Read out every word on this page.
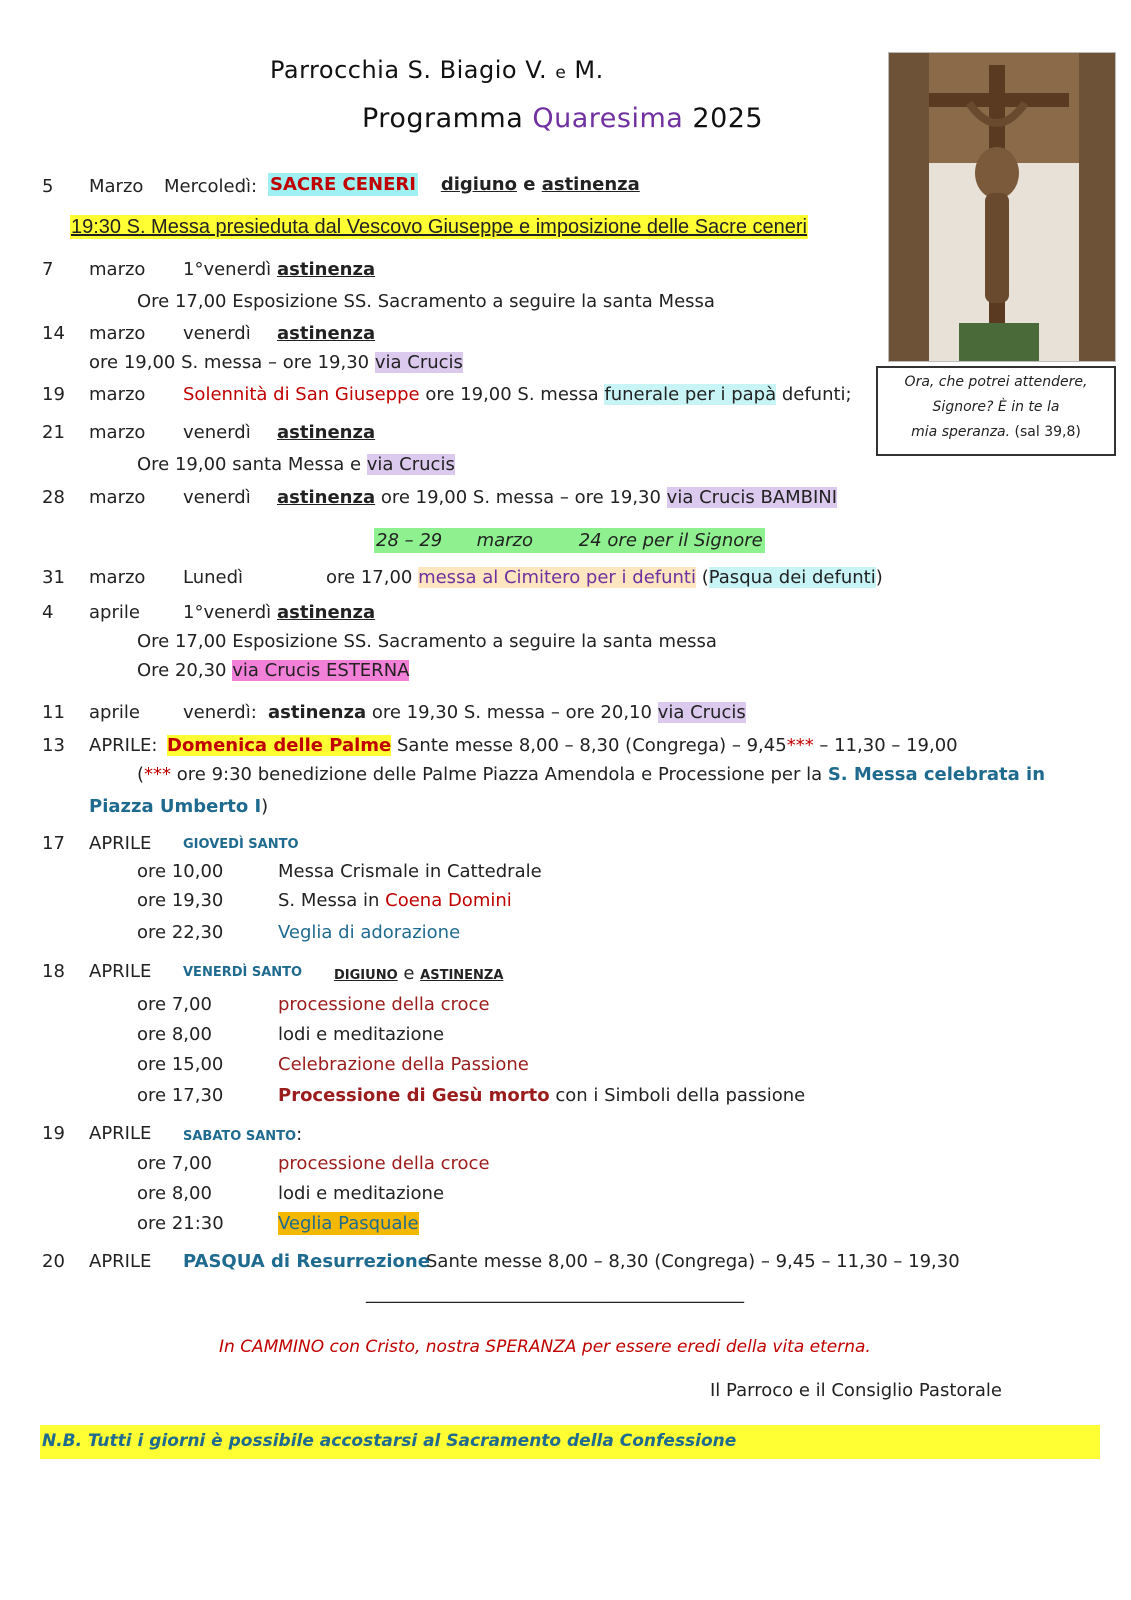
Parrocchia S. Biagio V. e M.
Programma Quaresima 2025
Ora, che potrei attendere,
Signore? È in te la
mia speranza. (sal 39,8)
5 Marzo Mercoledì: SACRE CENERI digiuno e astinenza
19:30 S. Messa presieduta dal Vescovo Giuseppe e imposizione delle Sacre ceneri
7 marzo 1°venerdì astinenza
Ore 17,00 Esposizione SS. Sacramento a seguire la santa Messa
14 marzo venerdì astinenza
ore 19,00 S. messa – ore 19,30 via Crucis
19 marzo Solennità di San Giuseppe ore 19,00 S. messa funerale per i papà defunti;
21 marzo venerdì astinenza
Ore 19,00 santa Messa e via Crucis
28 marzo venerdì astinenza ore 19,00 S. messa – ore 19,30 via Crucis BAMBINI
28 – 29      marzo        24 ore per il Signore
31 marzo Lunedì	ore 17,00 messa al Cimitero per i defunti (Pasqua dei defunti)
4 aprile 1°venerdì astinenza
Ore 17,00 Esposizione SS. Sacramento a seguire la santa messa
Ore 20,30 via Crucis ESTERNA
11 aprile venerdì: astinenza ore 19,30 S. messa – ore 20,10 via Crucis
13 APRILE: Domenica delle Palme Sante messe 8,00 – 8,30 (Congrega) – 9,45*** – 11,30 – 19,00
(*** ore 9:30 benedizione delle Palme Piazza Amendola e Processione per la S. Messa celebrata in
Piazza Umberto I)
17 APRILE GIOVEDÌ SANTO
ore 10,00	Messa Crismale in Cattedrale
ore 19,30	S. Messa in Coena Domini
ore 22,30	Veglia di adorazione
18 APRILE VENERDÌ SANTO DIGIUNO e ASTINENZA
ore 7,00	processione della croce
ore 8,00	lodi e meditazione
ore 15,00	Celebrazione della Passione
ore 17,30	Processione di Gesù morto con i Simboli della passione
19 APRILE SABATO SANTO:
ore 7,00	processione della croce
ore 8,00	lodi e meditazione
ore 21:30	Veglia Pasquale
20 APRILE PASQUA di Resurrezione
Sante messe 8,00 – 8,30 (Congrega) – 9,45 – 11,30 – 19,30
__________________________________________
In CAMMINO con Cristo, nostra SPERANZA per essere eredi della vita eterna.
Il Parroco e il Consiglio Pastorale
N.B. Tutti i giorni è possibile accostarsi al Sacramento della Confessione
